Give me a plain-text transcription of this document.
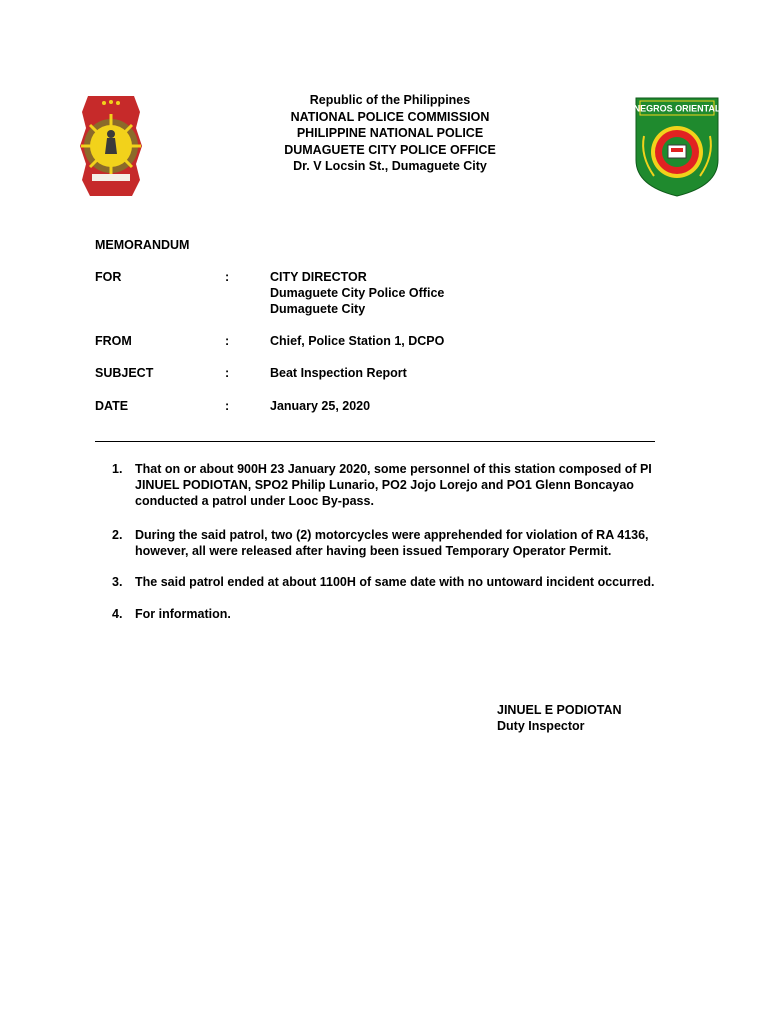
Republic of the Philippines
NATIONAL POLICE COMMISSION
PHILIPPINE NATIONAL POLICE
DUMAGUETE CITY POLICE OFFICE
Dr. V Locsin St., Dumaguete City
NEGROS ORIENTAL
MEMORANDUM
FOR	:	CITY DIRECTOR
Dumaguete City Police Office
Dumaguete City
FROM	:	Chief, Police Station 1, DCPO
SUBJECT	:	Beat Inspection Report
DATE	:	January 25, 2020
1.	That on or about 900H 23 January 2020, some personnel of this station composed of PI
JINUEL PODIOTAN, SPO2 Philip Lunario, PO2 Jojo Lorejo and PO1 Glenn Boncayao
conducted a patrol under Looc By-pass.
2.	During the said patrol, two (2) motorcycles were apprehended for violation of RA 4136,
however, all were released after having been issued Temporary Operator Permit.
3.	The said patrol ended at about 1100H of same date with no untoward incident occurred.
4.	For information.
JINUEL E PODIOTAN
Duty Inspector
